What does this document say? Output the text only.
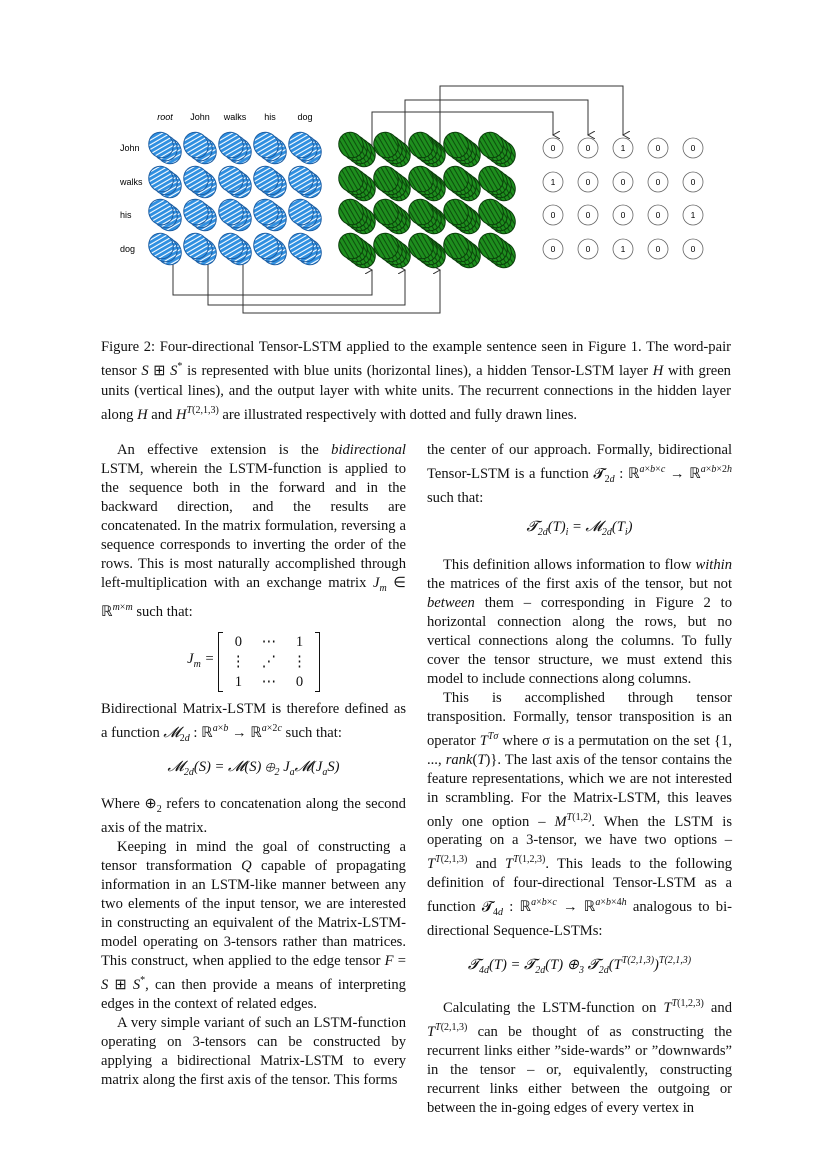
root John walks his dog
John
walks
his
dog
0	0	1	0	0
1	0	0	0	0
0	0	0	0	1
0	0	1	0	0
Figure 2: Four-directional Tensor-LSTM applied to the example sentence seen in Figure 1. The word-pair tensor S ⊞ S* is represented with blue units (horizontal lines), a hidden Tensor-LSTM layer H with green units (vertical lines), and the output layer with white units. The recurrent connections in the hidden layer along H and $H^{T(2,1,3)}$ are illustrated respectively with dotted and fully drawn lines.

An effective extension is the bidirectional LSTM, wherein the LSTM-function is applied to the sequence both in the forward and in the backward direction, and the results are concatenated. In the matrix formulation, reversing a sequence corresponds to inverting the order of the rows. This is most naturally accomplished through left-multiplication with an exchange matrix $J_m$ ∈ ℝ$^{m\times m}$ such that:

$J_m$ =
0	⋯	1
⋮	⋰	⋮
1	⋯	0

Bidirectional Matrix-LSTM is therefore defined as a function 𝓜$_{2d}$ : ℝ$^{a\times b}$ → ℝ$^{a\times 2c}$ such that:

𝓜$_{2d}$(S) = 𝓜(S) $\oplus_2$ $J_a𝓜(J_aS)$

Where $\oplus_2$ refers to concatenation along the second axis of the matrix.

Keeping in mind the goal of constructing a tensor transformation Q capable of propagating information in an LSTM-like manner between any two elements of the input tensor, we are interested in constructing an equivalent of the Matrix-LSTM-model operating on 3-tensors rather than matrices. This construct, when applied to the edge tensor F = S ⊞ S*, can then provide a means of interpreting edges in the context of related edges.

A very simple variant of such an LSTM-function operating on 3-tensors can be constructed by applying a bidirectional Matrix-LSTM to every matrix along the first axis of the tensor. This forms

the center of our approach. Formally, bidirectional Tensor-LSTM is a function 𝓣$_{2d}$ : ℝ$^{a\times b\times c}$ → ℝ$^{a\times b\times 2h}$ such that:

$𝓣_{2d}(T)_i$ = $𝓜_{2d}(T_i)$

This definition allows information to flow within the matrices of the first axis of the tensor, but not between them – corresponding in Figure 2 to horizontal connection along the rows, but no vertical connections along the columns. To fully cover the tensor structure, we must extend this model to include connections along columns.

This is accomplished through tensor transposition. Formally, tensor transposition is an operator $T^{T\sigma}$ where σ is a permutation on the set {1, ..., rank(T)}. The last axis of the tensor contains the feature representations, which we are not interested in scrambling. For the Matrix-LSTM, this leaves only one option – $M^{T(1,2)}$. When the LSTM is operating on a 3-tensor, we have two options – $T^{T(2,1,3)}$ and $T^{T(1,2,3)}$. This leads to the following definition of four-directional Tensor-LSTM as a function 𝓣$_{4d}$ : ℝ$^{a\times b\times c}$ → ℝ$^{a\times b\times 4h}$ analogous to bi-directional Sequence-LSTMs:

𝓣$_{4d}$(T) = 𝓣$_{2d}$(T) $\oplus_3$ $𝓣_{2d}(T^{T(2,1,3)})^{T(2,1,3)}$

Calculating the LSTM-function on $T^{T(1,2,3)}$ and $T^{T(2,1,3)}$ can be thought of as constructing the recurrent links either ”side-wards” or ”downwards” in the tensor – or, equivalently, constructing recurrent links either between the outgoing or between the in-going edges of every vertex in
